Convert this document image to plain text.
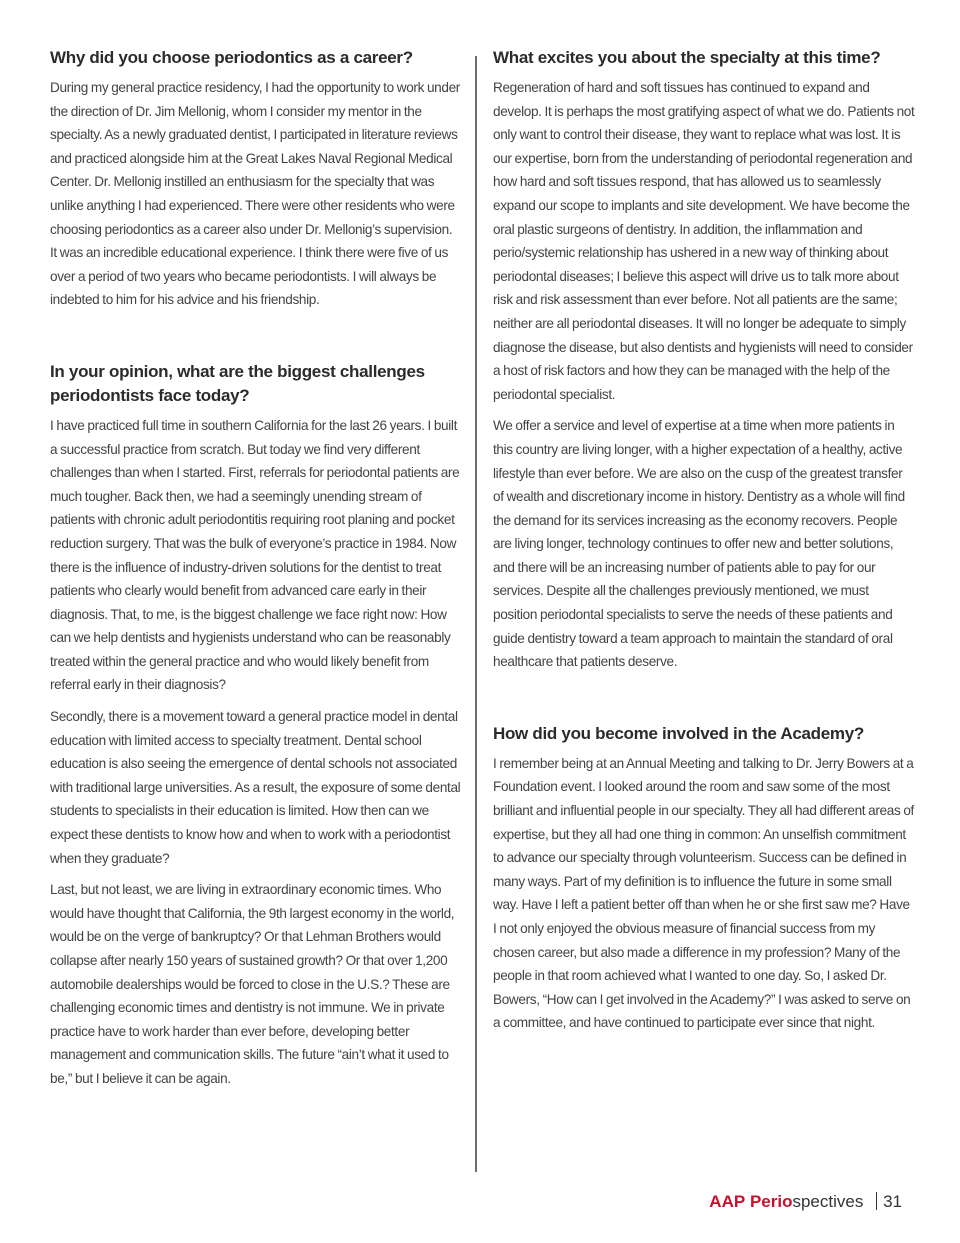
Why did you choose periodontics as a career?

During my general practice residency, I had the opportunity to work under the direction of Dr. Jim Mellonig, whom I consider my mentor in the specialty. As a newly graduated dentist, I participated in literature reviews and practiced alongside him at the Great Lakes Naval Regional Medical Center. Dr. Mellonig instilled an enthusiasm for the specialty that was unlike anything I had experienced. There were other residents who were choosing periodontics as a career also under Dr. Mellonig’s supervision. It was an incredible educational experience. I think there were five of us over a period of two years who became periodontists. I will always be indebted to him for his advice and his friendship.

In your opinion, what are the biggest challenges periodontists face today?

I have practiced full time in southern California for the last 26 years. I built a successful practice from scratch. But today we find very different challenges than when I started. First, referrals for periodontal patients are much tougher. Back then, we had a seemingly unending stream of patients with chronic adult periodontitis requiring root planing and pocket reduction surgery. That was the bulk of everyone’s practice in 1984. Now there is the influence of industry-driven solutions for the dentist to treat patients who clearly would benefit from advanced care early in their diagnosis. That, to me, is the biggest challenge we face right now: How can we help dentists and hygienists understand who can be reasonably treated within the general practice and who would likely benefit from referral early in their diagnosis?

Secondly, there is a movement toward a general practice model in dental education with limited access to specialty treatment. Dental school education is also seeing the emergence of dental schools not associated with traditional large universities. As a result, the exposure of some dental students to specialists in their education is limited. How then can we expect these dentists to know how and when to work with a periodontist when they graduate?

Last, but not least, we are living in extraordinary economic times. Who would have thought that California, the 9th largest economy in the world, would be on the verge of bankruptcy? Or that Lehman Brothers would collapse after nearly 150 years of sustained growth? Or that over 1,200 automobile dealerships would be forced to close in the U.S.? These are challenging economic times and dentistry is not immune. We in private practice have to work harder than ever before, developing better management and communication skills. The future “ain’t what it used to be,” but I believe it can be again.

What excites you about the specialty at this time?

Regeneration of hard and soft tissues has continued to expand and develop. It is perhaps the most gratifying aspect of what we do. Patients not only want to control their disease, they want to replace what was lost. It is our expertise, born from the understanding of periodontal regeneration and how hard and soft tissues respond, that has allowed us to seamlessly expand our scope to implants and site development. We have become the oral plastic surgeons of dentistry. In addition, the inflammation and perio/systemic relationship has ushered in a new way of thinking about periodontal diseases; I believe this aspect will drive us to talk more about risk and risk assessment than ever before. Not all patients are the same; neither are all periodontal diseases. It will no longer be adequate to simply diagnose the disease, but also dentists and hygienists will need to consider a host of risk factors and how they can be managed with the help of the periodontal specialist.

We offer a service and level of expertise at a time when more patients in this country are living longer, with a higher expectation of a healthy, active lifestyle than ever before. We are also on the cusp of the greatest transfer of wealth and discretionary income in history. Dentistry as a whole will find the demand for its services increasing as the economy recovers. People are living longer, technology continues to offer new and better solutions, and there will be an increasing number of patients able to pay for our services. Despite all the challenges previously mentioned, we must position periodontal specialists to serve the needs of these patients and guide dentistry toward a team approach to maintain the standard of oral healthcare that patients deserve.

How did you become involved in the Academy?

I remember being at an Annual Meeting and talking to Dr. Jerry Bowers at a Foundation event. I looked around the room and saw some of the most brilliant and influential people in our specialty. They all had different areas of expertise, but they all had one thing in common: An unselfish commitment to advance our specialty through volunteerism. Success can be defined in many ways. Part of my definition is to influence the future in some small way. Have I left a patient better off than when he or she first saw me? Have I not only enjoyed the obvious measure of financial success from my chosen career, but also made a difference in my profession? Many of the people in that room achieved what I wanted to one day. So, I asked Dr. Bowers, “How can I get involved in the Academy?” I was asked to serve on a committee, and have continued to participate ever since that night.

AAP Periospectives 31
